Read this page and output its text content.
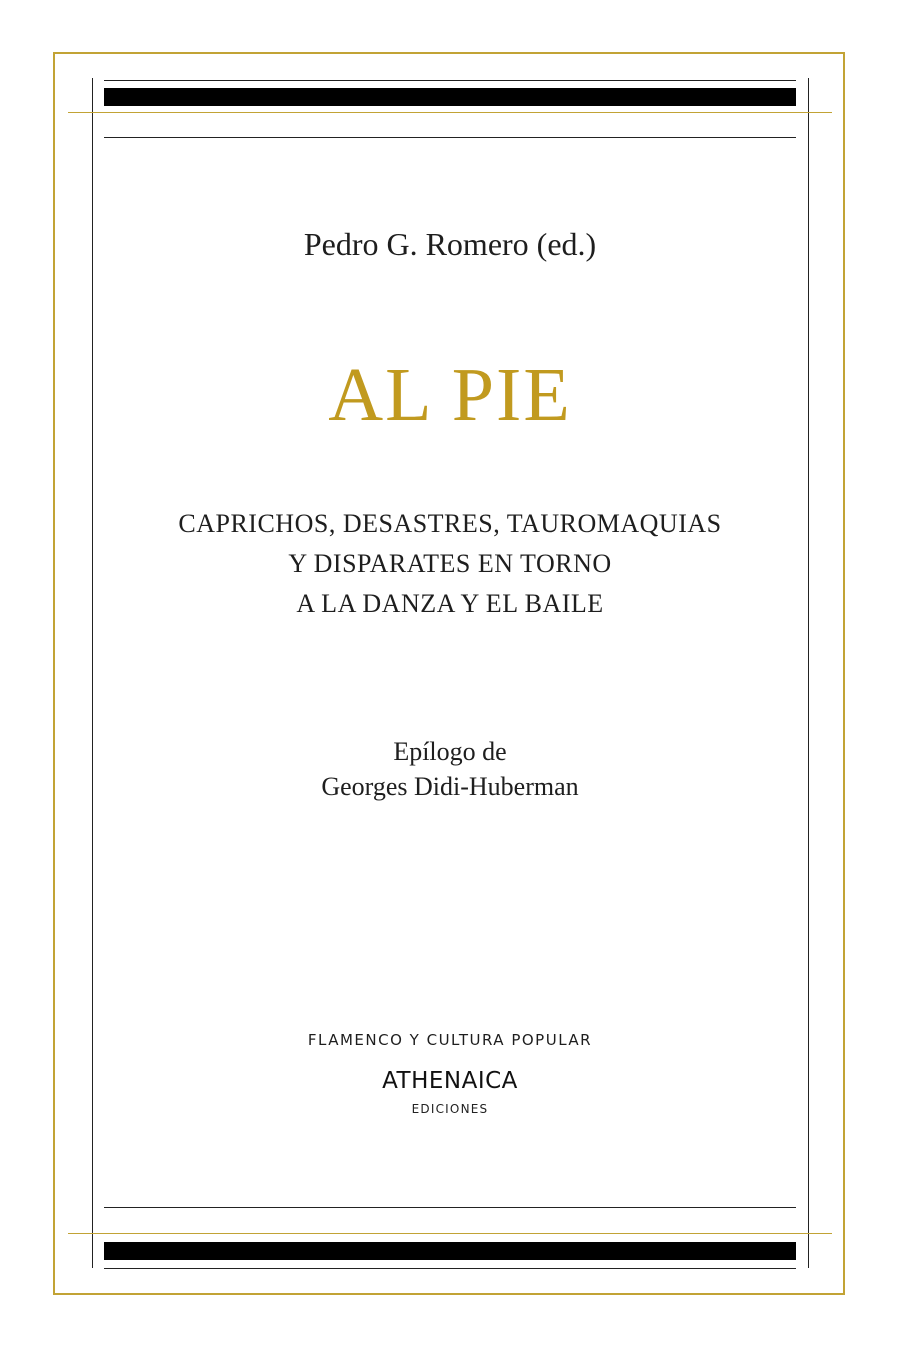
Pedro G. Romero (ed.)
AL PIE
CAPRICHOS, DESASTRES, TAUROMAQUIAS
Y DISPARATES EN TORNO
A LA DANZA Y EL BAILE
Epílogo de
Georges Didi-Huberman
FLAMENCO Y CULTURA POPULAR
ATHENAICA
EDICIONES
